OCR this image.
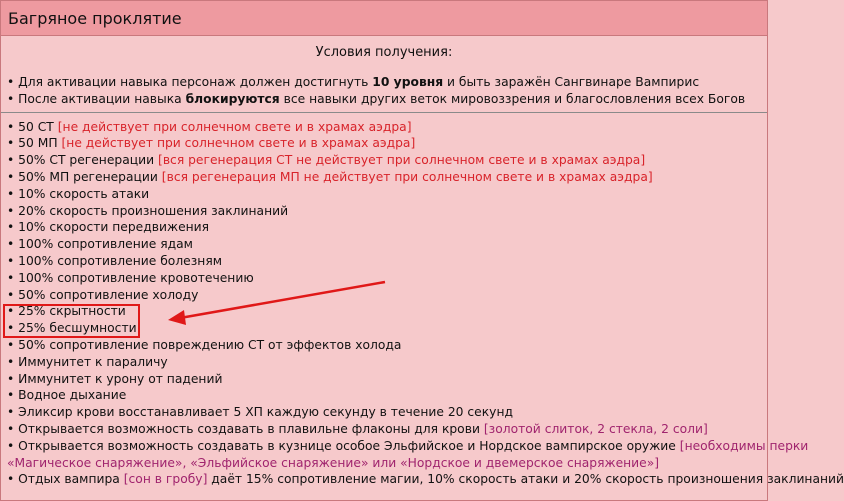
Багряное проклятие
Условия получения:
• Для активации навыка персонаж должен достигнуть 10 уровня и быть заражён Сангвинаре Вампирис
• После активации навыка блокируются все навыки других веток мировоззрения и благословления всех Богов
• 50 СТ [не действует при солнечном свете и в храмах аэдра]
• 50 МП [не действует при солнечном свете и в храмах аэдра]
• 50% СТ регенерации [вся регенерация СТ не действует при солнечном свете и в храмах аэдра]
• 50% МП регенерации [вся регенерация МП не действует при солнечном свете и в храмах аэдра]
• 10% скорость атаки
• 20% скорость произношения заклинаний
• 10% скорости передвижения
• 100% сопротивление ядам
• 100% сопротивление болезням
• 100% сопротивление кровотечению
• 50% сопротивление холоду
• 25% скрытности
• 25% бесшумности
• 50% сопротивление повреждению СТ от эффектов холода
• Иммунитет к параличу
• Иммунитет к урону от падений
• Водное дыхание
• Эликсир крови восстанавливает 5 ХП каждую секунду в течение 20 секунд
• Открывается возможность создавать в плавильне флаконы для крови [золотой слиток, 2 стекла, 2 соли]
• Открывается возможность создавать в кузнице особое Эльфийское и Нордское вампирское оружие [необходимы перки
«Магическое снаряжение», «Эльфийское снаряжение» или «Нордское и двемерское снаряжение»]
• Отдых вампира [сон в гробу] даёт 15% сопротивление магии, 10% скорость атаки и 20% скорость произношения заклинаний
